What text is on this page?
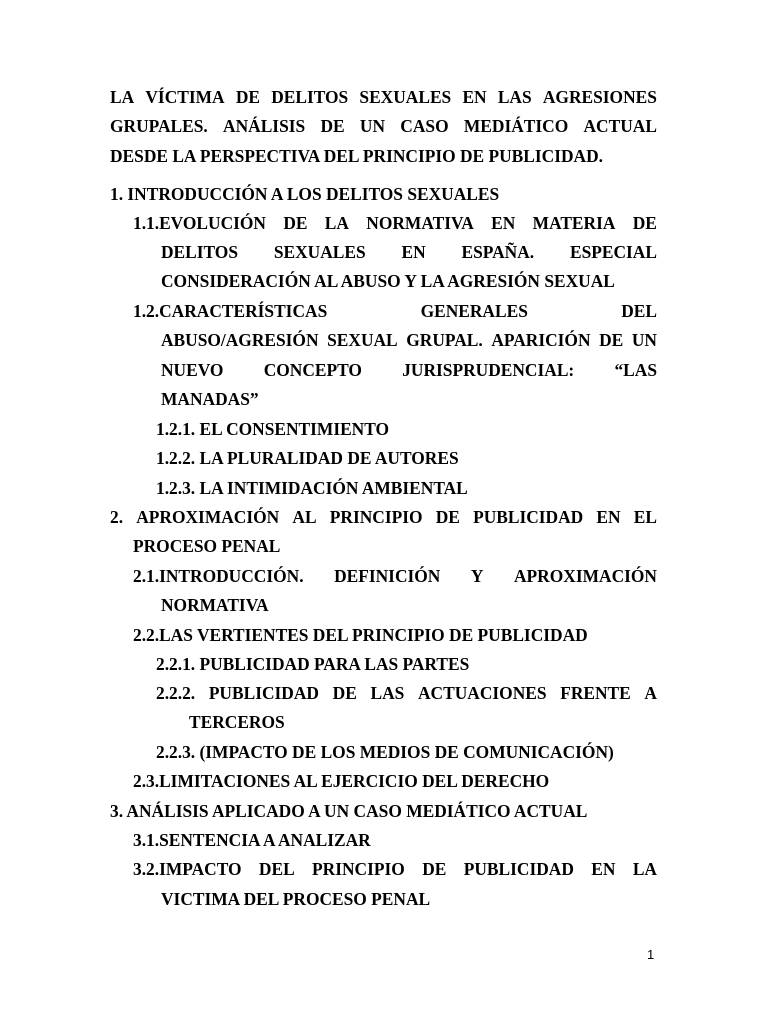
LA VÍCTIMA DE DELITOS SEXUALES EN LAS AGRESIONES
GRUPALES. ANÁLISIS DE UN CASO MEDIÁTICO ACTUAL
DESDE LA PERSPECTIVA DEL PRINCIPIO DE PUBLICIDAD.
1. INTRODUCCIÓN A LOS DELITOS SEXUALES
1.1.EVOLUCIÓN DE LA NORMATIVA EN MATERIA DE
DELITOS SEXUALES EN ESPAÑA. ESPECIAL
CONSIDERACIÓN AL ABUSO Y LA AGRESIÓN SEXUAL
1.2.CARACTERÍSTICAS	GENERALES	DEL
ABUSO/AGRESIÓN SEXUAL GRUPAL. APARICIÓN DE UN
NUEVO CONCEPTO JURISPRUDENCIAL: “LAS
MANADAS”
1.2.1. EL CONSENTIMIENTO
1.2.2. LA PLURALIDAD DE AUTORES
1.2.3. LA INTIMIDACIÓN AMBIENTAL
2. APROXIMACIÓN AL PRINCIPIO DE PUBLICIDAD EN EL
PROCESO PENAL
2.1.INTRODUCCIÓN. DEFINICIÓN Y APROXIMACIÓN
NORMATIVA
2.2.LAS VERTIENTES DEL PRINCIPIO DE PUBLICIDAD
2.2.1. PUBLICIDAD PARA LAS PARTES
2.2.2. PUBLICIDAD DE LAS ACTUACIONES FRENTE A
TERCEROS
2.2.3. (IMPACTO DE LOS MEDIOS DE COMUNICACIÓN)
2.3.LIMITACIONES AL EJERCICIO DEL DERECHO
3. ANÁLISIS APLICADO A UN CASO MEDIÁTICO ACTUAL
3.1.SENTENCIA A ANALIZAR
3.2.IMPACTO DEL PRINCIPIO DE PUBLICIDAD EN LA
VICTIMA DEL PROCESO PENAL
1
